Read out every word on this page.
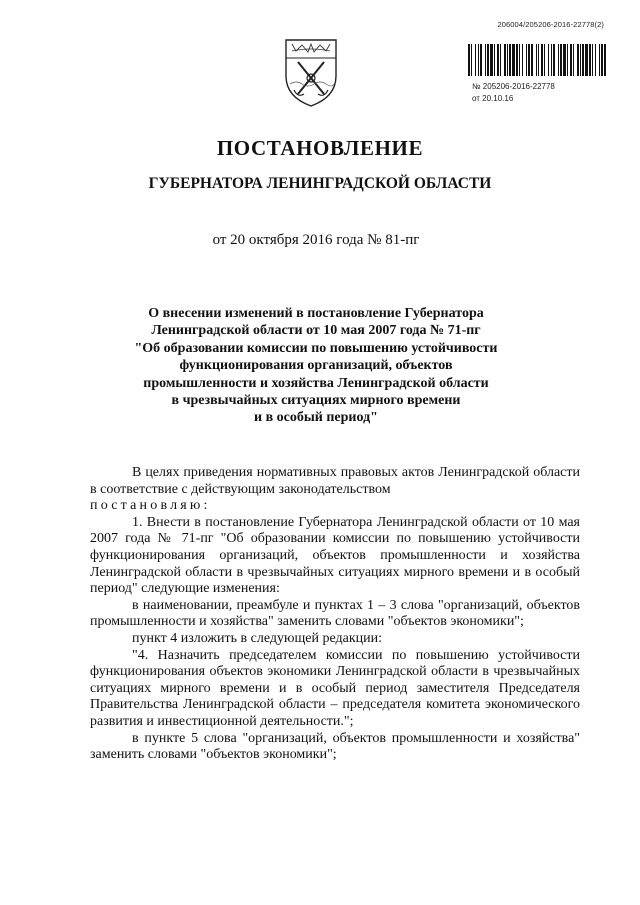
206004/205206-2016-22778(2)
№ 205206-2016-22778
от 20.10.16
ПОСТАНОВЛЕНИЕ
ГУБЕРНАТОРА ЛЕНИНГРАДСКОЙ ОБЛАСТИ
от 20 октября 2016 года № 81-пг
О внесении изменений в постановление Губернатора
Ленинградской области от 10 мая 2007 года № 71-пг
"Об образовании комиссии по повышению устойчивости
функционирования организаций, объектов
промышленности и хозяйства Ленинградской области
в чрезвычайных ситуациях мирного времени
и в особый период"
В целях приведения нормативных правовых актов Ленинградской области в соответствие с действующим законодательством
постановляю:
1. Внести в постановление Губернатора Ленинградской области от 10 мая 2007 года № 71-пг "Об образовании комиссии по повышению устойчивости функционирования организаций, объектов промышленности и хозяйства Ленинградской области в чрезвычайных ситуациях мирного времени и в особый период" следующие изменения:
в наименовании, преамбуле и пунктах 1 – 3 слова "организаций, объектов промышленности и хозяйства" заменить словами "объектов экономики";
пункт 4 изложить в следующей редакции:
"4. Назначить председателем комиссии по повышению устойчивости функционирования объектов экономики Ленинградской области в чрезвычайных ситуациях мирного времени и в особый период заместителя Председателя Правительства Ленинградской области – председателя комитета экономического развития и инвестиционной деятельности.";
в пункте 5 слова "организаций, объектов промышленности и хозяйства" заменить словами "объектов экономики";
